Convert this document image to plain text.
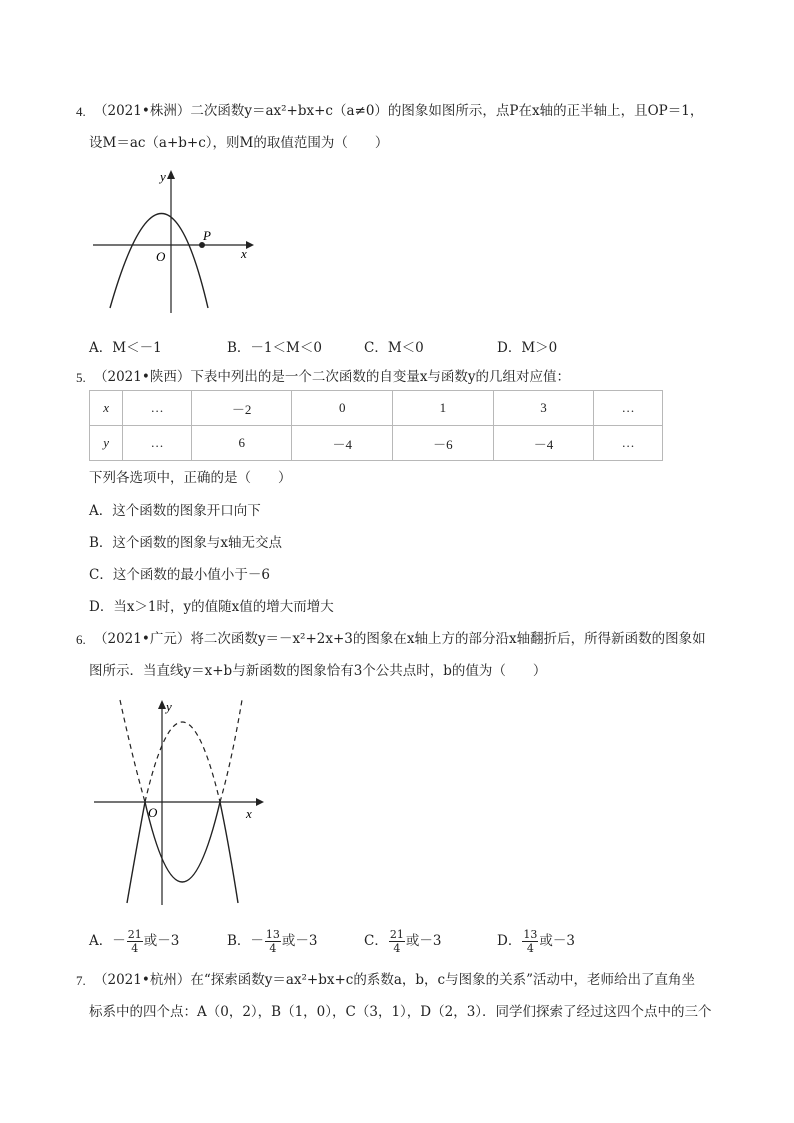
4. （2021•株洲）二次函数y＝ax²+bx+c（a≠0）的图象如图所示，点P在x轴的正半轴上，且OP＝1，
设M＝ac（a+b+c），则M的取值范围为（　　）
y
x
O
P
A．M＜－1	B．－1＜M＜0	C．M＜0	D．M＞0
5. （2021•陕西）下表中列出的是一个二次函数的自变量x与函数y的几组对应值：
x	…	－2	0	1	3	…
y	…	6	－4	－6	－4	…
下列各选项中，正确的是（　　）
A．这个函数的图象开口向下
B．这个函数的图象与x轴无交点
C．这个函数的最小值小于－6
D．当x＞1时，y的值随x值的增大而增大
6. （2021•广元）将二次函数y＝－x²+2x+3的图象在x轴上方的部分沿x轴翻折后，所得新函数的图象如
图所示．当直线y＝x+b与新函数的图象恰有3个公共点时，b的值为（　　）
y
x
O
A．－ $\frac{21}{4}$ 或－3	B．－ $\frac{13}{4}$ 或－3	C． $\frac{21}{4}$ 或－3	D． $\frac{13}{4}$ 或－3
7. （2021•杭州）在“探索函数y＝ax²+bx+c的系数a，b，c与图象的关系”活动中，老师给出了直角坐
标系中的四个点：A（0，2），B（1，0），C（3，1），D（2，3）．同学们探索了经过这四个点中的三个
